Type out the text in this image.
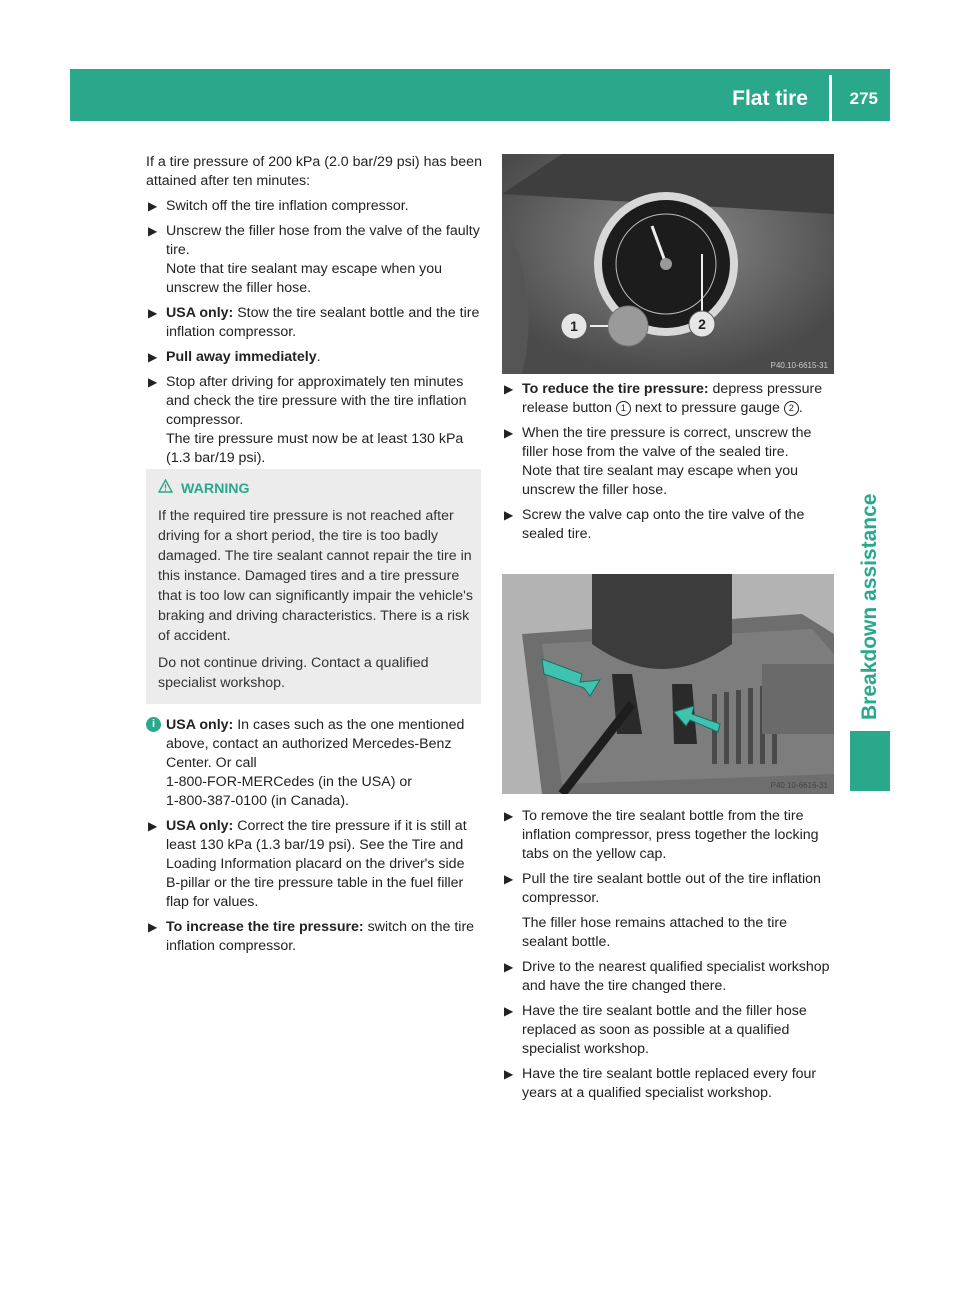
Flat tire	275
Breakdown assistance

If a tire pressure of 200 kPa (2.0 bar/29 psi) has been attained after ten minutes:

▶ Switch off the tire inflation compressor.
▶ Unscrew the filler hose from the valve of the faulty tire.
Note that tire sealant may escape when you unscrew the filler hose.
▶ USA only: Stow the tire sealant bottle and the tire inflation compressor.
▶ Pull away immediately.
▶ Stop after driving for approximately ten minutes and check the tire pressure with the tire inflation compressor.
The tire pressure must now be at least 130 kPa (1.3 bar/19 psi).
WARNING

If the required tire pressure is not reached after driving for a short period, the tire is too badly damaged. The tire sealant cannot repair the tire in this instance. Damaged tires and a tire pressure that is too low can significantly impair the vehicle's braking and driving characteristics. There is a risk of accident.

Do not continue driving. Contact a qualified specialist workshop.

i USA only: In cases such as the one mentioned above, contact an authorized Mercedes-Benz Center. Or call
1-800-FOR-MERCedes (in the USA) or
1-800-387-0100 (in Canada).
▶ USA only: Correct the tire pressure if it is still at least 130 kPa (1.3 bar/19 psi). See the Tire and Loading Information placard on the driver's side B-pillar or the tire pressure table in the fuel filler flap for values.
▶ To increase the tire pressure: switch on the tire inflation compressor.
1	2
P40.10-6615-31
▶ To reduce the tire pressure: depress pressure release button 1 next to pressure gauge 2 .
▶ When the tire pressure is correct, unscrew the filler hose from the valve of the sealed tire.
Note that tire sealant may escape when you unscrew the filler hose.
▶ Screw the valve cap onto the tire valve of the sealed tire.
P40.10-6616-31
▶ To remove the tire sealant bottle from the tire inflation compressor, press together the locking tabs on the yellow cap.
▶ Pull the tire sealant bottle out of the tire inflation compressor.

The filler hose remains attached to the tire sealant bottle.

▶ Drive to the nearest qualified specialist workshop and have the tire changed there.
▶ Have the tire sealant bottle and the filler hose replaced as soon as possible at a qualified specialist workshop.
▶ Have the tire sealant bottle replaced every four years at a qualified specialist workshop.
